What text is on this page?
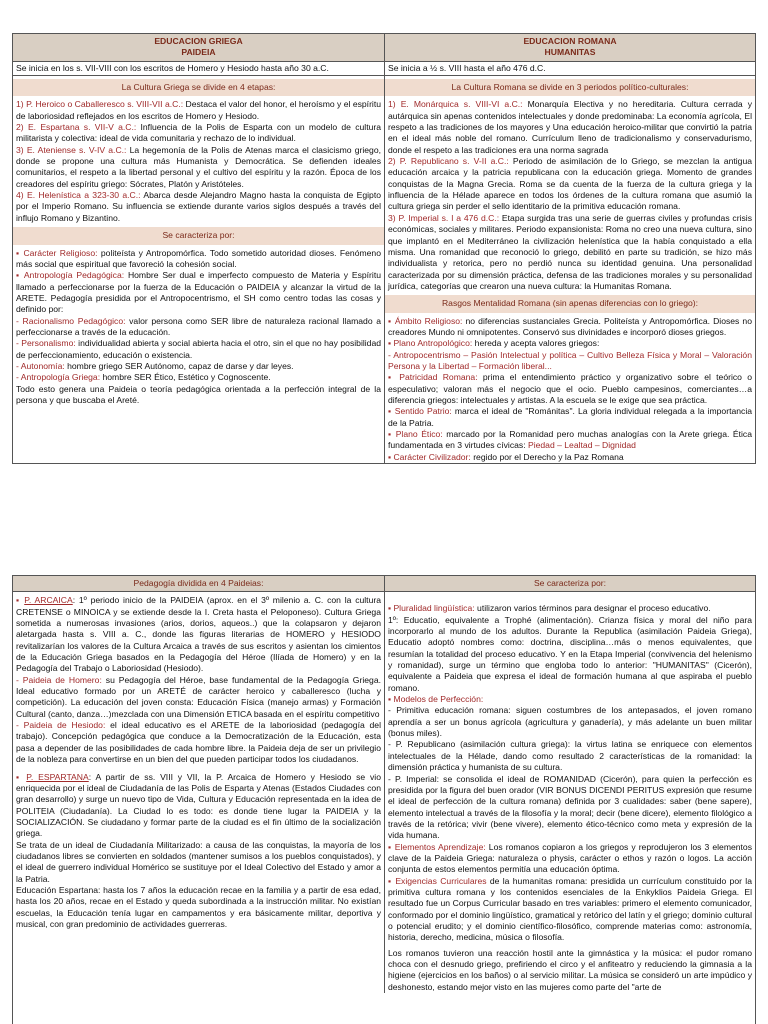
EDUCACION GRIEGA
PAIDEIA
EDUCACION ROMANA
HUMANITAS
Se inicia en los s. VII-VIII con los escritos de Homero y Hesiodo hasta año 30 a.C.
La Cultura Griega se divide en 4 etapas:

1) P. Heroico o Caballeresco s. VIII-VII a.C.: Destaca el valor del honor, el heroísmo y el espíritu de laboriosidad reflejados en los escritos de Homero y Hesiodo.

2) E. Espartana s. VII-V a.C.: Influencia de la Polis de Esparta con un modelo de cultura militarista y colectiva: ideal de vida comunitaria y rechazo de lo individual.

3) E. Ateniense s. V-IV a.C.: La hegemonía de la Polis de Atenas marca el clasicismo griego, donde se propone una cultura más Humanista y Democrática. Se defienden ideales comunitarios, el respeto a la libertad personal y el cultivo del espíritu y la razón. Época de los creadores del espíritu griego: Sócrates, Platón y Aristóteles.

4) E. Helenística a 323-30 a.C.: Abarca desde Alejandro Magno hasta la conquista de Egipto por el Imperio Romano. Su influencia se extiende durante varios siglos después a través del influjo Romano y Bizantino.

Se caracteriza por:

▪ Carácter Religioso: politeísta y Antropomórfica. Todo sometido autoridad dioses. Fenómeno más social que espiritual que favoreció la cohesión social.

▪ Antropología Pedagógica: Hombre Ser dual e imperfecto compuesto de Materia y Espíritu llamado a perfeccionarse por la fuerza de la Educación o PAIDEIA y alcanzar la virtud de la ARETE. Pedagogía presidida por el Antropocentrismo, el SH como centro todas las cosas y definido por:

- Racionalismo Pedagógico: valor persona como SER libre de naturaleza racional llamado a perfeccionarse a través de la educación.

- Personalismo: individualidad abierta y social abierta hacia el otro, sin el que no hay posibilidad de perfeccionamiento, educación o existencia.

- Autonomía: hombre griego SER Autónomo, capaz de darse y dar leyes.

- Antropología Griega: hombre SER Ético, Estético y Cognoscente.

Todo esto genera una Paideia o teoría pedagógica orientada a la perfección integral de la persona y que buscaba el Areté.

Se inicia a ½ s. VIII hasta el año 476 d.C.
La Cultura Romana se divide en 3 periodos político-culturales:

1) E. Monárquica s. VIII-VI a.C.: Monarquía Electiva y no hereditaria. Cultura cerrada y autárquica sin apenas contenidos intelectuales y donde predominaba: La economía agrícola, El respeto a las tradiciones de los mayores y Una educación heroico-militar que convirtió la patria en el ideal más noble del romano. Currículum lleno de tradicionalismo y conservadurismo, donde el respeto a las tradiciones era una norma sagrada

2) P. Republicano s. V-II a.C.: Periodo de asimilación de lo Griego, se mezclan la antigua educación arcaica y la patricia republicana con la educación griega. Momento de grandes conquistas de la Magna Grecia. Roma se da cuenta de la fuerza de la cultura griega y la influencia de la Hélade aparece en todos los órdenes de la cultura romana que asumió la cultura griega sin perder el sello identitario de la primitiva educación romana.

3) P. Imperial s. I a 476 d.C.: Etapa surgida tras una serie de guerras civiles y profundas crisis económicas, sociales y militares. Periodo expansionista: Roma no creo una nueva cultura, sino que implantó en el Mediterráneo la civilización helenística que la había conquistado a ella misma. Una romanidad que reconoció lo griego, debilitó en parte su tradición, se hizo más individualista y retorica, pero no perdió nunca su identidad genuina. Una personalidad caracterizada por su dimensión práctica, defensa de las tradiciones morales y su personalidad jurídica, categorías que crearon una nueva cultura: la Humanitas Romana.

Rasgos Mentalidad Romana (sin apenas diferencias con lo griego):

▪ Ámbito Religioso: no diferencias sustanciales Grecia. Politeísta y Antropomórfica. Dioses no creadores Mundo ni omnipotentes. Conservó sus divinidades e incorporó dioses griegos.

▪ Plano Antropológico: hereda y acepta valores griegos:

- Antropocentrismo – Pasión Intelectual y política – Cultivo Belleza Física y Moral – Valoración Persona y la Libertad – Formación liberal...

▪ Patricidad Romana: prima el entendimiento práctico y organizativo sobre el teórico o especulativo; valoran más el negocio que el ocio. Pueblo campesinos, comerciantes…a diferencia griegos: intelectuales y artistas. A la escuela se le exige que sea práctica.

▪ Sentido Patrio: marca el ideal de "Románitas". La gloria individual relegada a la importancia de la Patria.

▪ Plano Ético: marcado por la Romanidad pero muchas analogías con la Arete griega. Ética fundamentada en 3 virtudes cívicas: Piedad – Lealtad – Dignidad

▪ Carácter Civilizador: regido por el Derecho y la Paz Romana

Pedagogía dividida en 4 Paideias:	Se caracteriza por:

▪ P. ARCAICA: 1º periodo inicio de la PAIDEIA (aprox. en el 3º milenio a. C. con la cultura CRETENSE o MINOICA y se extiende desde la I. Creta hasta el Peloponeso). Cultura Griega sometida a numerosas invasiones (arios, dorios, aqueos..) que la colapsaron y dejaron aletargada hasta s. VIII a. C., donde las figuras literarias de HOMERO y HESIODO revitalizarían los valores de la Cultura Arcaica a través de sus escritos y asientan los cimientos de la Educación Griega basados en la Pedagogía del Héroe (Ilíada de Homero) y en la Pedagogía del Trabajo o Laboriosidad (Hesiodo).

- Paideia de Homero: su Pedagogía del Héroe, base fundamental de la Pedagogía Griega. Ideal educativo formado por un ARETÉ de carácter heroico y caballeresco (lucha y competición). La educación del joven consta: Educación Física (manejo armas) y Formación Cultural (canto, danza…)mezclada con una Dimensión ETICA basada en el espíritu competitivo

- Paideia de Hesiodo: el ideal educativo es el ARETE de la laboriosidad (pedagogía del trabajo). Concepción pedagógica que conduce a la Democratización de la Educación, esta pasa a depender de las posibilidades de cada hombre libre. la Paideia deja de ser un privilegio de la nobleza para convertirse en un bien del que pueden participar todos los ciudadanos.

▪ P. ESPARTANA: A partir de ss. VIII y VII, la P. Arcaica de Homero y Hesiodo se vio enriquecida por el ideal de Ciudadanía de las Polis de Esparta y Atenas (Estados Ciudades con gran desarrollo) y surge un nuevo tipo de Vida, Cultura y Educación representada en la idea de POLITEIA (Ciudadanía). La Ciudad lo es todo: es donde tiene lugar la PAIDEIA y la SOCIALIZACIÓN. Se ciudadano y formar parte de la ciudad es el fin último de la socialización griega.

Se trata de un ideal de Ciudadanía Militarizado: a causa de las conquistas, la mayoría de los ciudadanos libres se convierten en soldados (mantener sumisos a los pueblos conquistados), y el ideal de guerrero individual Homérico se sustituye por el Ideal Colectivo del Estado y amor a la Patria.

Educación Espartana: hasta los 7 años la educación recae en la familia y a partir de esa edad, hasta los 20 años, recae en el Estado y queda subordinada a la instrucción militar. No existían escuelas, la Educación tenía lugar en campamentos y era básicamente militar, deportiva y musical, con gran predominio de actividades guerreras.

▪ Pluralidad lingüística: utilizaron varios términos para designar el proceso educativo.

1º: Educatio, equivalente a Trophé (alimentación). Crianza física y moral del niño para incorporarlo al mundo de los adultos. Durante la Republica (asimilación Paideia Griega), Educatio adoptó nombres como: doctrina, disciplina…más o menos equivalentes, que resumían la totalidad del proceso educativo. Y en la Etapa Imperial (convivencia del helenismo y romanidad), surge un término que engloba todo lo anterior: "HUMANITAS" (Cicerón), equivalente a Paideia que expresa el ideal de formación humana al que aspiraba el pueblo romano.

▪ Modelos de Perfección:

- Primitiva educación romana: siguen costumbres de los antepasados, el joven romano aprendía a ser un bonus agrícola (agricultura y ganadería), y más adelante un buen militar (bonus miles).

- P. Republicano (asimilación cultura griega): la virtus latina se enriquece con elementos intelectuales de la Hélade, dando como resultado 2 características de la romanidad: la dimensión práctica y humanista de su cultura.

- P. Imperial: se consolida el ideal de ROMANIDAD (Cicerón), para quien la perfección es presidida por la figura del buen orador (VIR BONUS DICENDI PERITUS expresión que resume el ideal de perfección de la cultura romana) definida por 3 cualidades: saber (bene sapere), elemento intelectual a través de la filosofía y la moral; decir (bene dicere), elemento filológico a través de la retórica; vivir (bene vivere), elemento ético-técnico como meta y expresión de la vida humana.

▪ Elementos Aprendizaje: Los romanos copiaron a los griegos y reprodujeron los 3 elementos clave de la Paideia Griega: naturaleza o physis, carácter o ethos y razón o logos. La acción conjunta de estos elementos permitía una educación óptima.

▪ Exigencias Curriculares de la humanitas romana: presidida un currículum constituido por la primitiva cultura romana y los contenidos esenciales de la Enkyklios Paideia Griega. El resultado fue un Corpus Curricular basado en tres variables: primero el elemento comunicador, conformado por el dominio lingüístico, gramatical y retórico del latín y el griego; dominio cultural o potencial erudito; y el dominio científico-filosófico, comprende materias como: astronomía, historia, derecho, medicina, música o filosofía.

Los romanos tuvieron una reacción hostil ante la gimnástica y la música: el pudor romano choca con el desnudo griego, prefiriendo el circo y el anfiteatro y reduciendo la gimnasia a la higiene (ejercicios en los baños) o al servicio militar. La música se consideró un arte impúdico y deshonesto, estando mejor visto en las mujeres como parte del "arte de
